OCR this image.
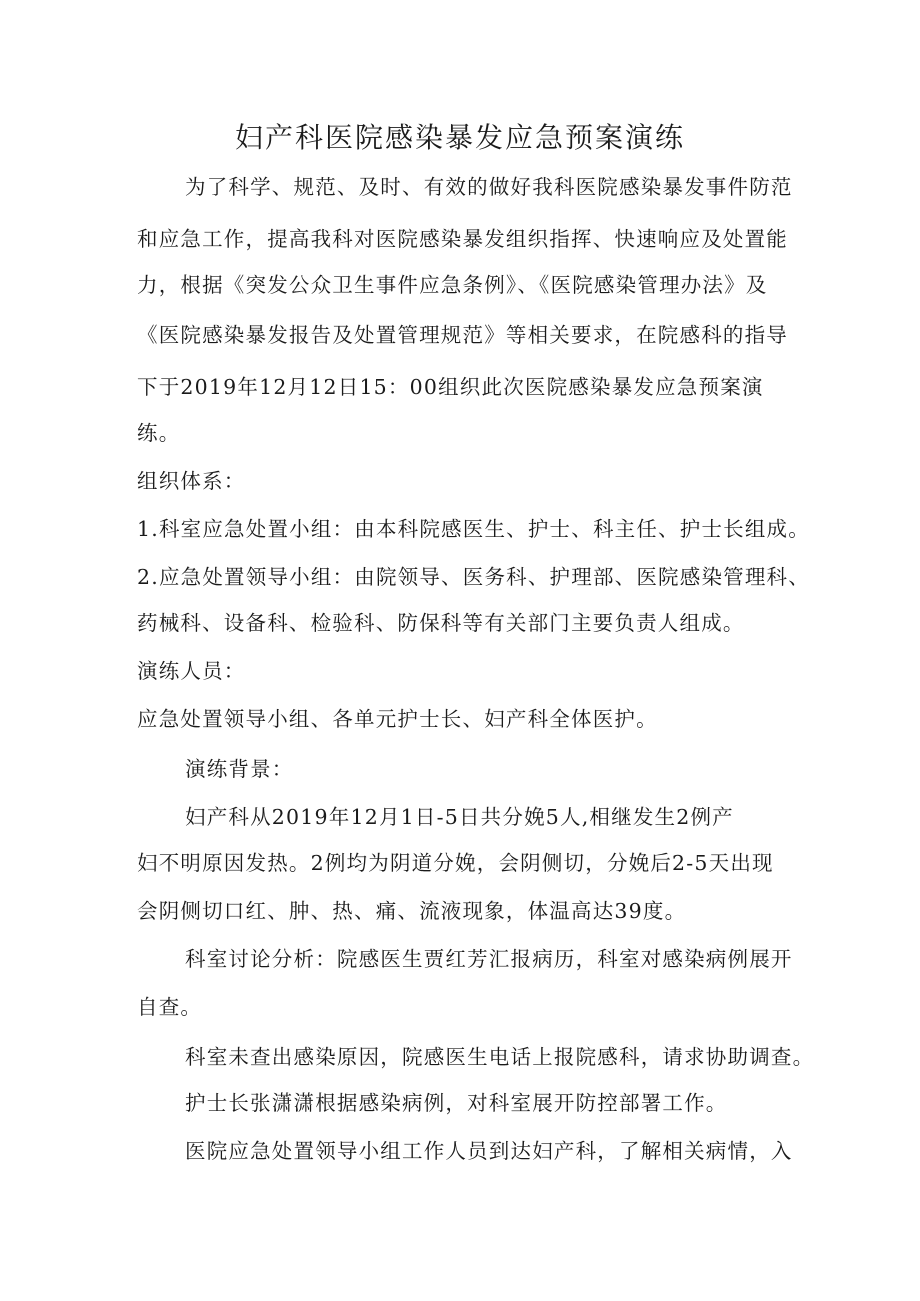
妇产科医院感染暴发应急预案演练
为了科学、规范、及时、有效的做好我科医院感染暴发事件防范
和应急工作，提高我科对医院感染暴发组织指挥、快速响应及处置能
力，根据《突发公众卫生事件应急条例》、《医院感染管理办法》及
《医院感染暴发报告及处置管理规范》等相关要求，在院感科的指导
下于2019年12月12日15：00组织此次医院感染暴发应急预案演
练。
组织体系：
1.科室应急处置小组：由本科院感医生、护士、科主任、护士长组成。
2.应急处置领导小组：由院领导、医务科、护理部、医院感染管理科、
药械科、设备科、检验科、防保科等有关部门主要负责人组成。
演练人员：
应急处置领导小组、各单元护士长、妇产科全体医护。
演练背景：
妇产科从2019年12月1日-5日共分娩5人,相继发生2例产
妇不明原因发热。2例均为阴道分娩，会阴侧切，分娩后2-5天出现
会阴侧切口红、肿、热、痛、流液现象，体温高达39度。
科室讨论分析：院感医生贾红芳汇报病历，科室对感染病例展开
自查。
科室未查出感染原因，院感医生电话上报院感科，请求协助调查。
护士长张潇潇根据感染病例，对科室展开防控部署工作。
医院应急处置领导小组工作人员到达妇产科，了解相关病情，入
